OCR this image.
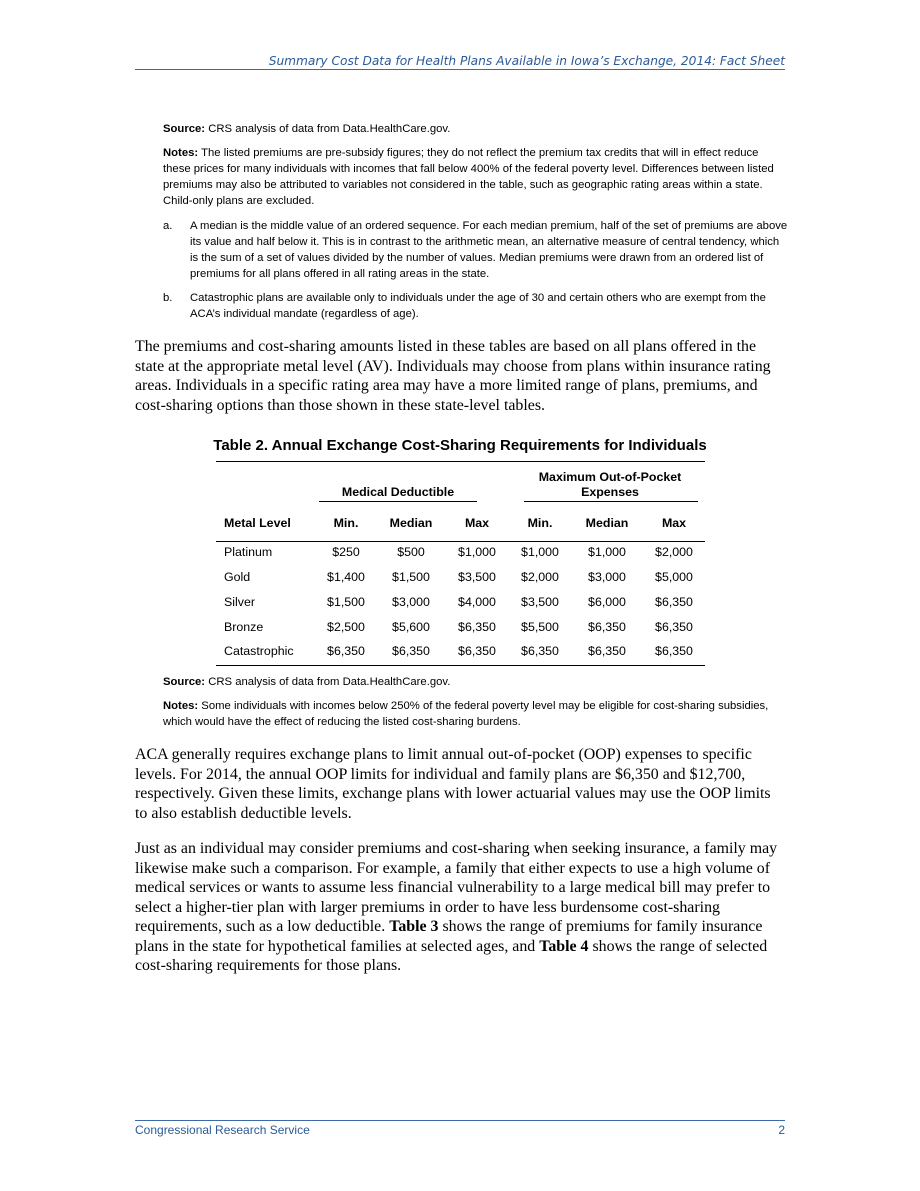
Summary Cost Data for Health Plans Available in Iowa’s Exchange, 2014: Fact Sheet
Source: CRS analysis of data from Data.HealthCare.gov.
Notes: The listed premiums are pre-subsidy figures; they do not reflect the premium tax credits that will in effect reduce these prices for many individuals with incomes that fall below 400% of the federal poverty level. Differences between listed premiums may also be attributed to variables not considered in the table, such as geographic rating areas within a state. Child-only plans are excluded.
a. A median is the middle value of an ordered sequence. For each median premium, half of the set of premiums are above its value and half below it. This is in contrast to the arithmetic mean, an alternative measure of central tendency, which is the sum of a set of values divided by the number of values. Median premiums were drawn from an ordered list of premiums for all plans offered in all rating areas in the state.
b. Catastrophic plans are available only to individuals under the age of 30 and certain others who are exempt from the ACA’s individual mandate (regardless of age).
The premiums and cost-sharing amounts listed in these tables are based on all plans offered in the state at the appropriate metal level (AV). Individuals may choose from plans within insurance rating areas. Individuals in a specific rating area may have a more limited range of plans, premiums, and cost-sharing options than those shown in these state-level tables.
Table 2. Annual Exchange Cost-Sharing Requirements for Individuals
Medical Deductible
Maximum Out-of-Pocket
Expenses
Metal Level	Min.	Median	Max	Min.	Median	Max
Platinum	$250	$500	$1,000	$1,000	$1,000	$2,000
Gold	$1,400	$1,500	$3,500	$2,000	$3,000	$5,000
Silver	$1,500	$3,000	$4,000	$3,500	$6,000	$6,350
Bronze	$2,500	$5,600	$6,350	$5,500	$6,350	$6,350
Catastrophic	$6,350	$6,350	$6,350	$6,350	$6,350	$6,350
Source: CRS analysis of data from Data.HealthCare.gov.
Notes: Some individuals with incomes below 250% of the federal poverty level may be eligible for cost-sharing subsidies, which would have the effect of reducing the listed cost-sharing burdens.
ACA generally requires exchange plans to limit annual out-of-pocket (OOP) expenses to specific levels. For 2014, the annual OOP limits for individual and family plans are $6,350 and $12,700, respectively. Given these limits, exchange plans with lower actuarial values may use the OOP limits to also establish deductible levels.
Just as an individual may consider premiums and cost-sharing when seeking insurance, a family may likewise make such a comparison. For example, a family that either expects to use a high volume of medical services or wants to assume less financial vulnerability to a large medical bill may prefer to select a higher-tier plan with larger premiums in order to have less burdensome cost-sharing requirements, such as a low deductible. Table 3 shows the range of premiums for family insurance plans in the state for hypothetical families at selected ages, and Table 4 shows the range of selected cost-sharing requirements for those plans.
Congressional Research Service	2
